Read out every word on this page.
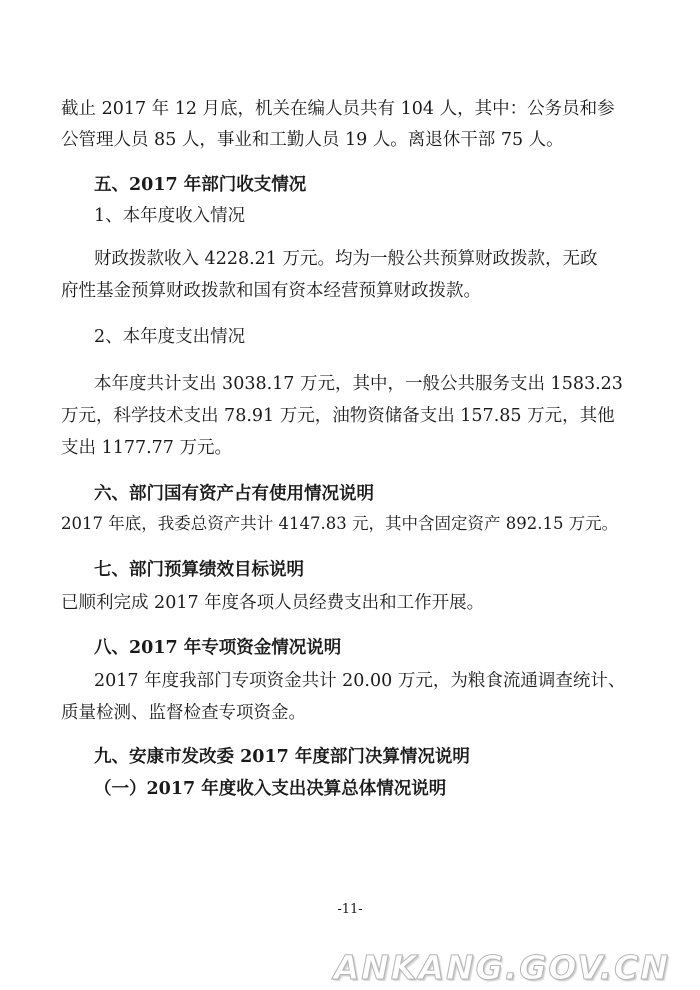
截止 2017 年 12 月底，机关在编人员共有 104 人，其中：公务员和参
公管理人员 85 人，事业和工勤人员 19 人。离退休干部 75 人。
五、2017 年部门收支情况
1、本年度收入情况
财政拨款收入 4228.21 万元。均为一般公共预算财政拨款，无政
府性基金预算财政拨款和国有资本经营预算财政拨款。
2、本年度支出情况
本年度共计支出 3038.17 万元，其中，一般公共服务支出 1583.23
万元，科学技术支出 78.91 万元，油物资储备支出 157.85 万元，其他
支出 1177.77 万元。
六、部门国有资产占有使用情况说明
2017 年底，我委总资产共计 4147.83 元，其中含固定资产 892.15 万元。
七、部门预算绩效目标说明
已顺利完成 2017 年度各项人员经费支出和工作开展。
八、2017 年专项资金情况说明
2017 年度我部门专项资金共计 20.00 万元，为粮食流通调查统计、
质量检测、监督检查专项资金。
九、安康市发改委 2017 年度部门决算情况说明
（一）2017 年度收入支出决算总体情况说明
-11-
ANKANG.GOV.CN
